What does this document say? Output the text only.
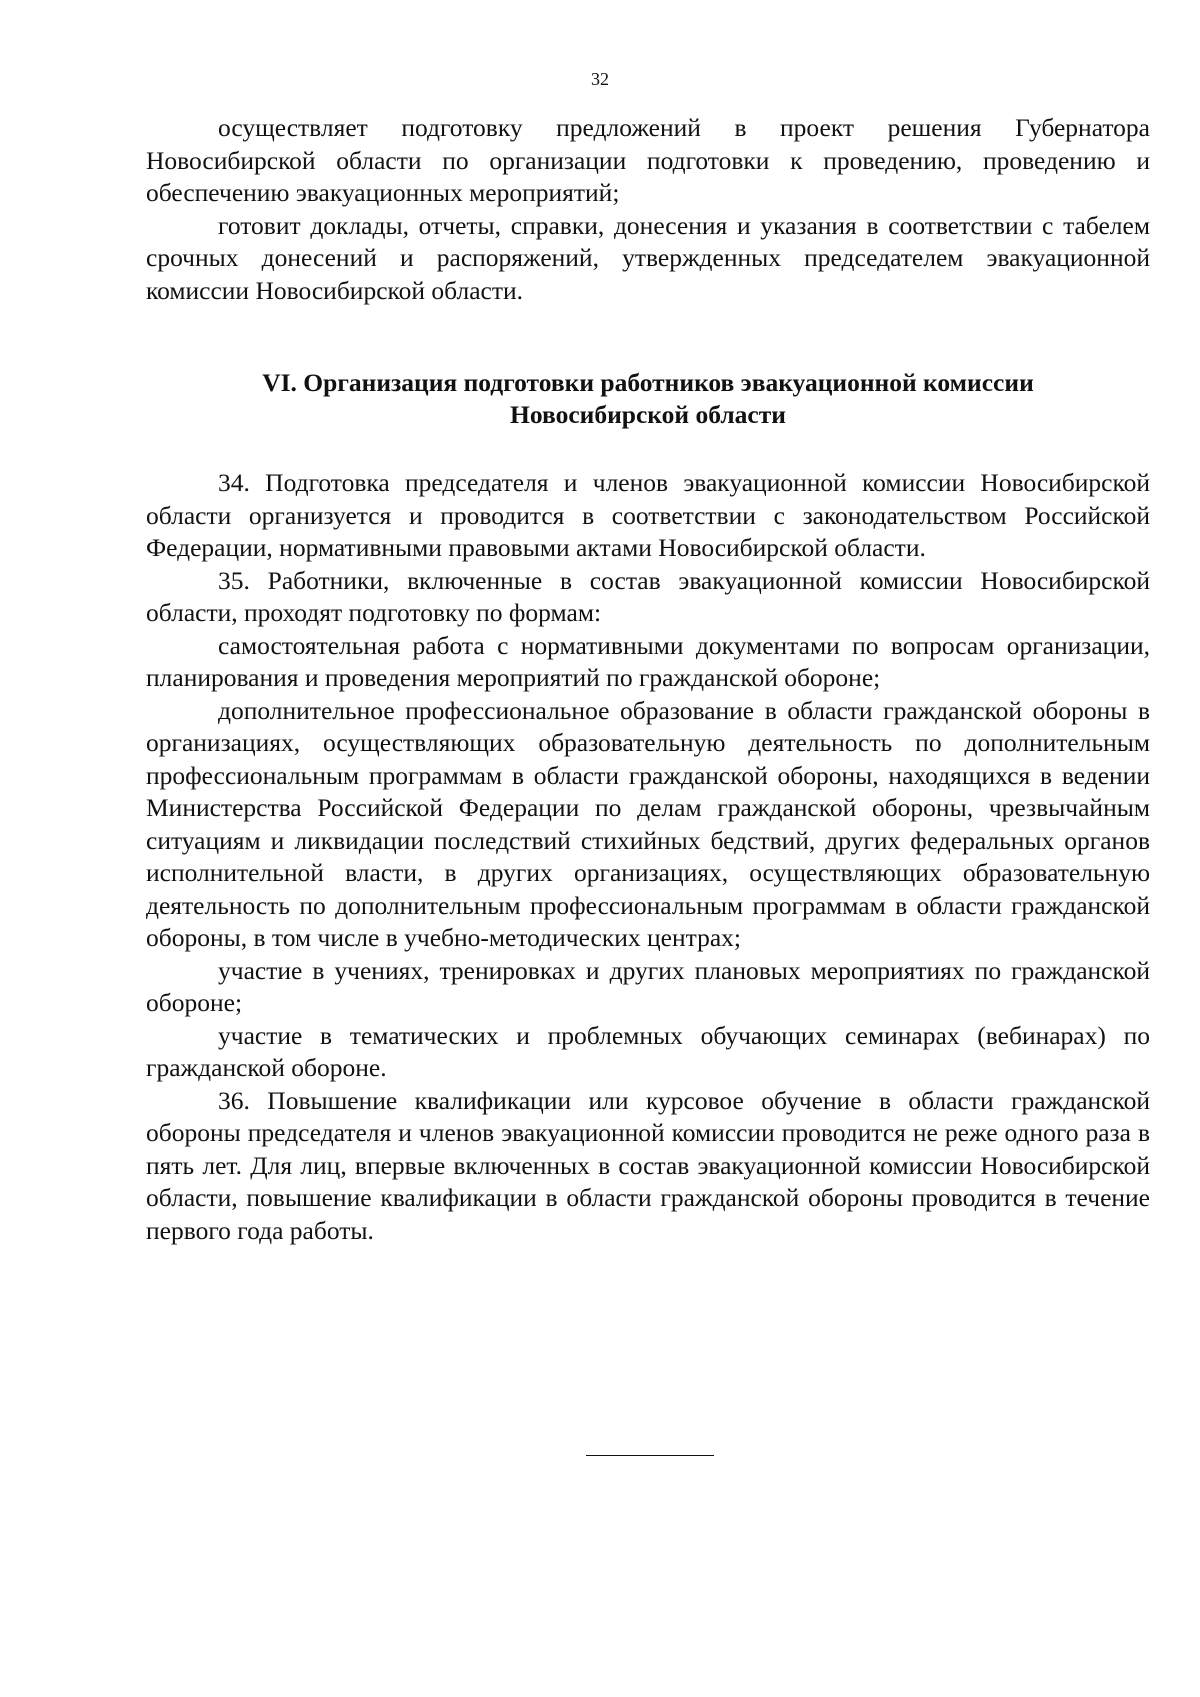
32

осуществляет подготовку предложений в проект решения Губернатора Новосибирской области по организации подготовки к проведению, проведению и обеспечению эвакуационных мероприятий;

готовит доклады, отчеты, справки, донесения и указания в соответствии с табелем срочных донесений и распоряжений, утвержденных председателем эвакуационной комиссии Новосибирской области.

VI. Организация подготовки работников эвакуационной комиссии
Новосибирской области

34. Подготовка председателя и членов эвакуационной комиссии Новосибирской области организуется и проводится в соответствии с законодательством Российской Федерации, нормативными правовыми актами Новосибирской области.

35. Работники, включенные в состав эвакуационной комиссии Новосибирской области, проходят подготовку по формам:

самостоятельная работа с нормативными документами по вопросам организации, планирования и проведения мероприятий по гражданской обороне;

дополнительное профессиональное образование в области гражданской обороны в организациях, осуществляющих образовательную деятельность по дополнительным профессиональным программам в области гражданской обороны, находящихся в ведении Министерства Российской Федерации по делам гражданской обороны, чрезвычайным ситуациям и ликвидации последствий стихийных бедствий, других федеральных органов исполнительной власти, в других организациях, осуществляющих образовательную деятельность по дополнительным профессиональным программам в области гражданской обороны, в том числе в учебно-методических центрах;

участие в учениях, тренировках и других плановых мероприятиях по гражданской обороне;

участие в тематических и проблемных обучающих семинарах (вебинарах) по гражданской обороне.

36. Повышение квалификации или курсовое обучение в области гражданской обороны председателя и членов эвакуационной комиссии проводится не реже одного раза в пять лет. Для лиц, впервые включенных в состав эвакуационной комиссии Новосибирской области, повышение квалификации в области гражданской обороны проводится в течение первого года работы.
